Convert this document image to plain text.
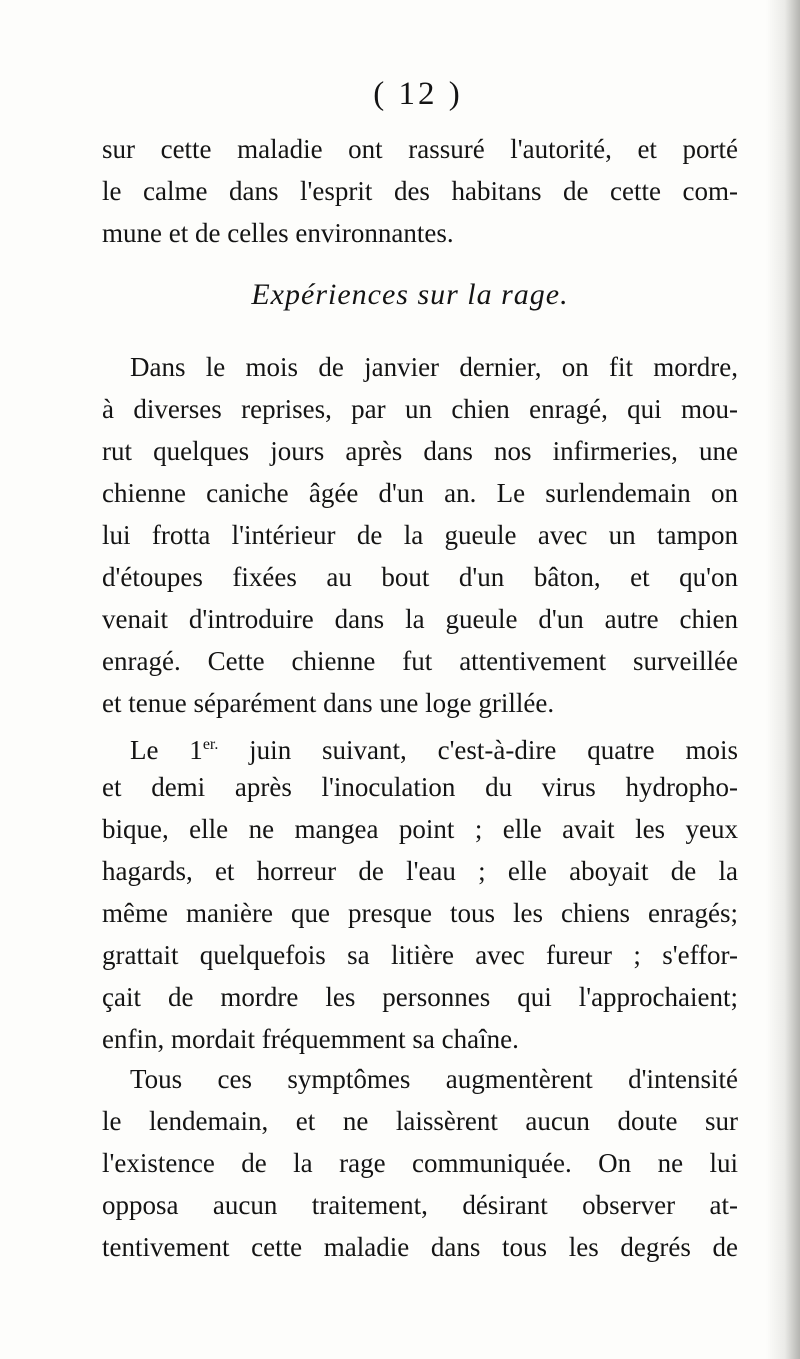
( 12 )
sur cette maladie ont rassuré l'autorité, et porté
le calme dans l'esprit des habitans de cette com-
mune et de celles environnantes.
Expériences sur la rage.
Dans le mois de janvier dernier, on fit mordre,
à diverses reprises, par un chien enragé, qui mou-
rut quelques jours après dans nos infirmeries, une
chienne caniche âgée d'un an. Le surlendemain on
lui frotta l'intérieur de la gueule avec un tampon
d'étoupes fixées au bout d'un bâton, et qu'on
venait d'introduire dans la gueule d'un autre chien
enragé. Cette chienne fut attentivement surveillée
et tenue séparément dans une loge grillée.
Le $1^{er.}$ juin suivant, c'est-à-dire quatre mois
et demi après l'inoculation du virus hydropho-
bique, elle ne mangea point ; elle avait les yeux
hagards, et horreur de l'eau ; elle aboyait de la
même manière que presque tous les chiens enragés;
grattait quelquefois sa litière avec fureur ; s'effor-
çait de mordre les personnes qui l'approchaient;
enfin, mordait fréquemment sa chaîne.
Tous ces symptômes augmentèrent d'intensité
le lendemain, et ne laissèrent aucun doute sur
l'existence de la rage communiquée. On ne lui
opposa aucun traitement, désirant observer at-
tentivement cette maladie dans tous les degrés de
